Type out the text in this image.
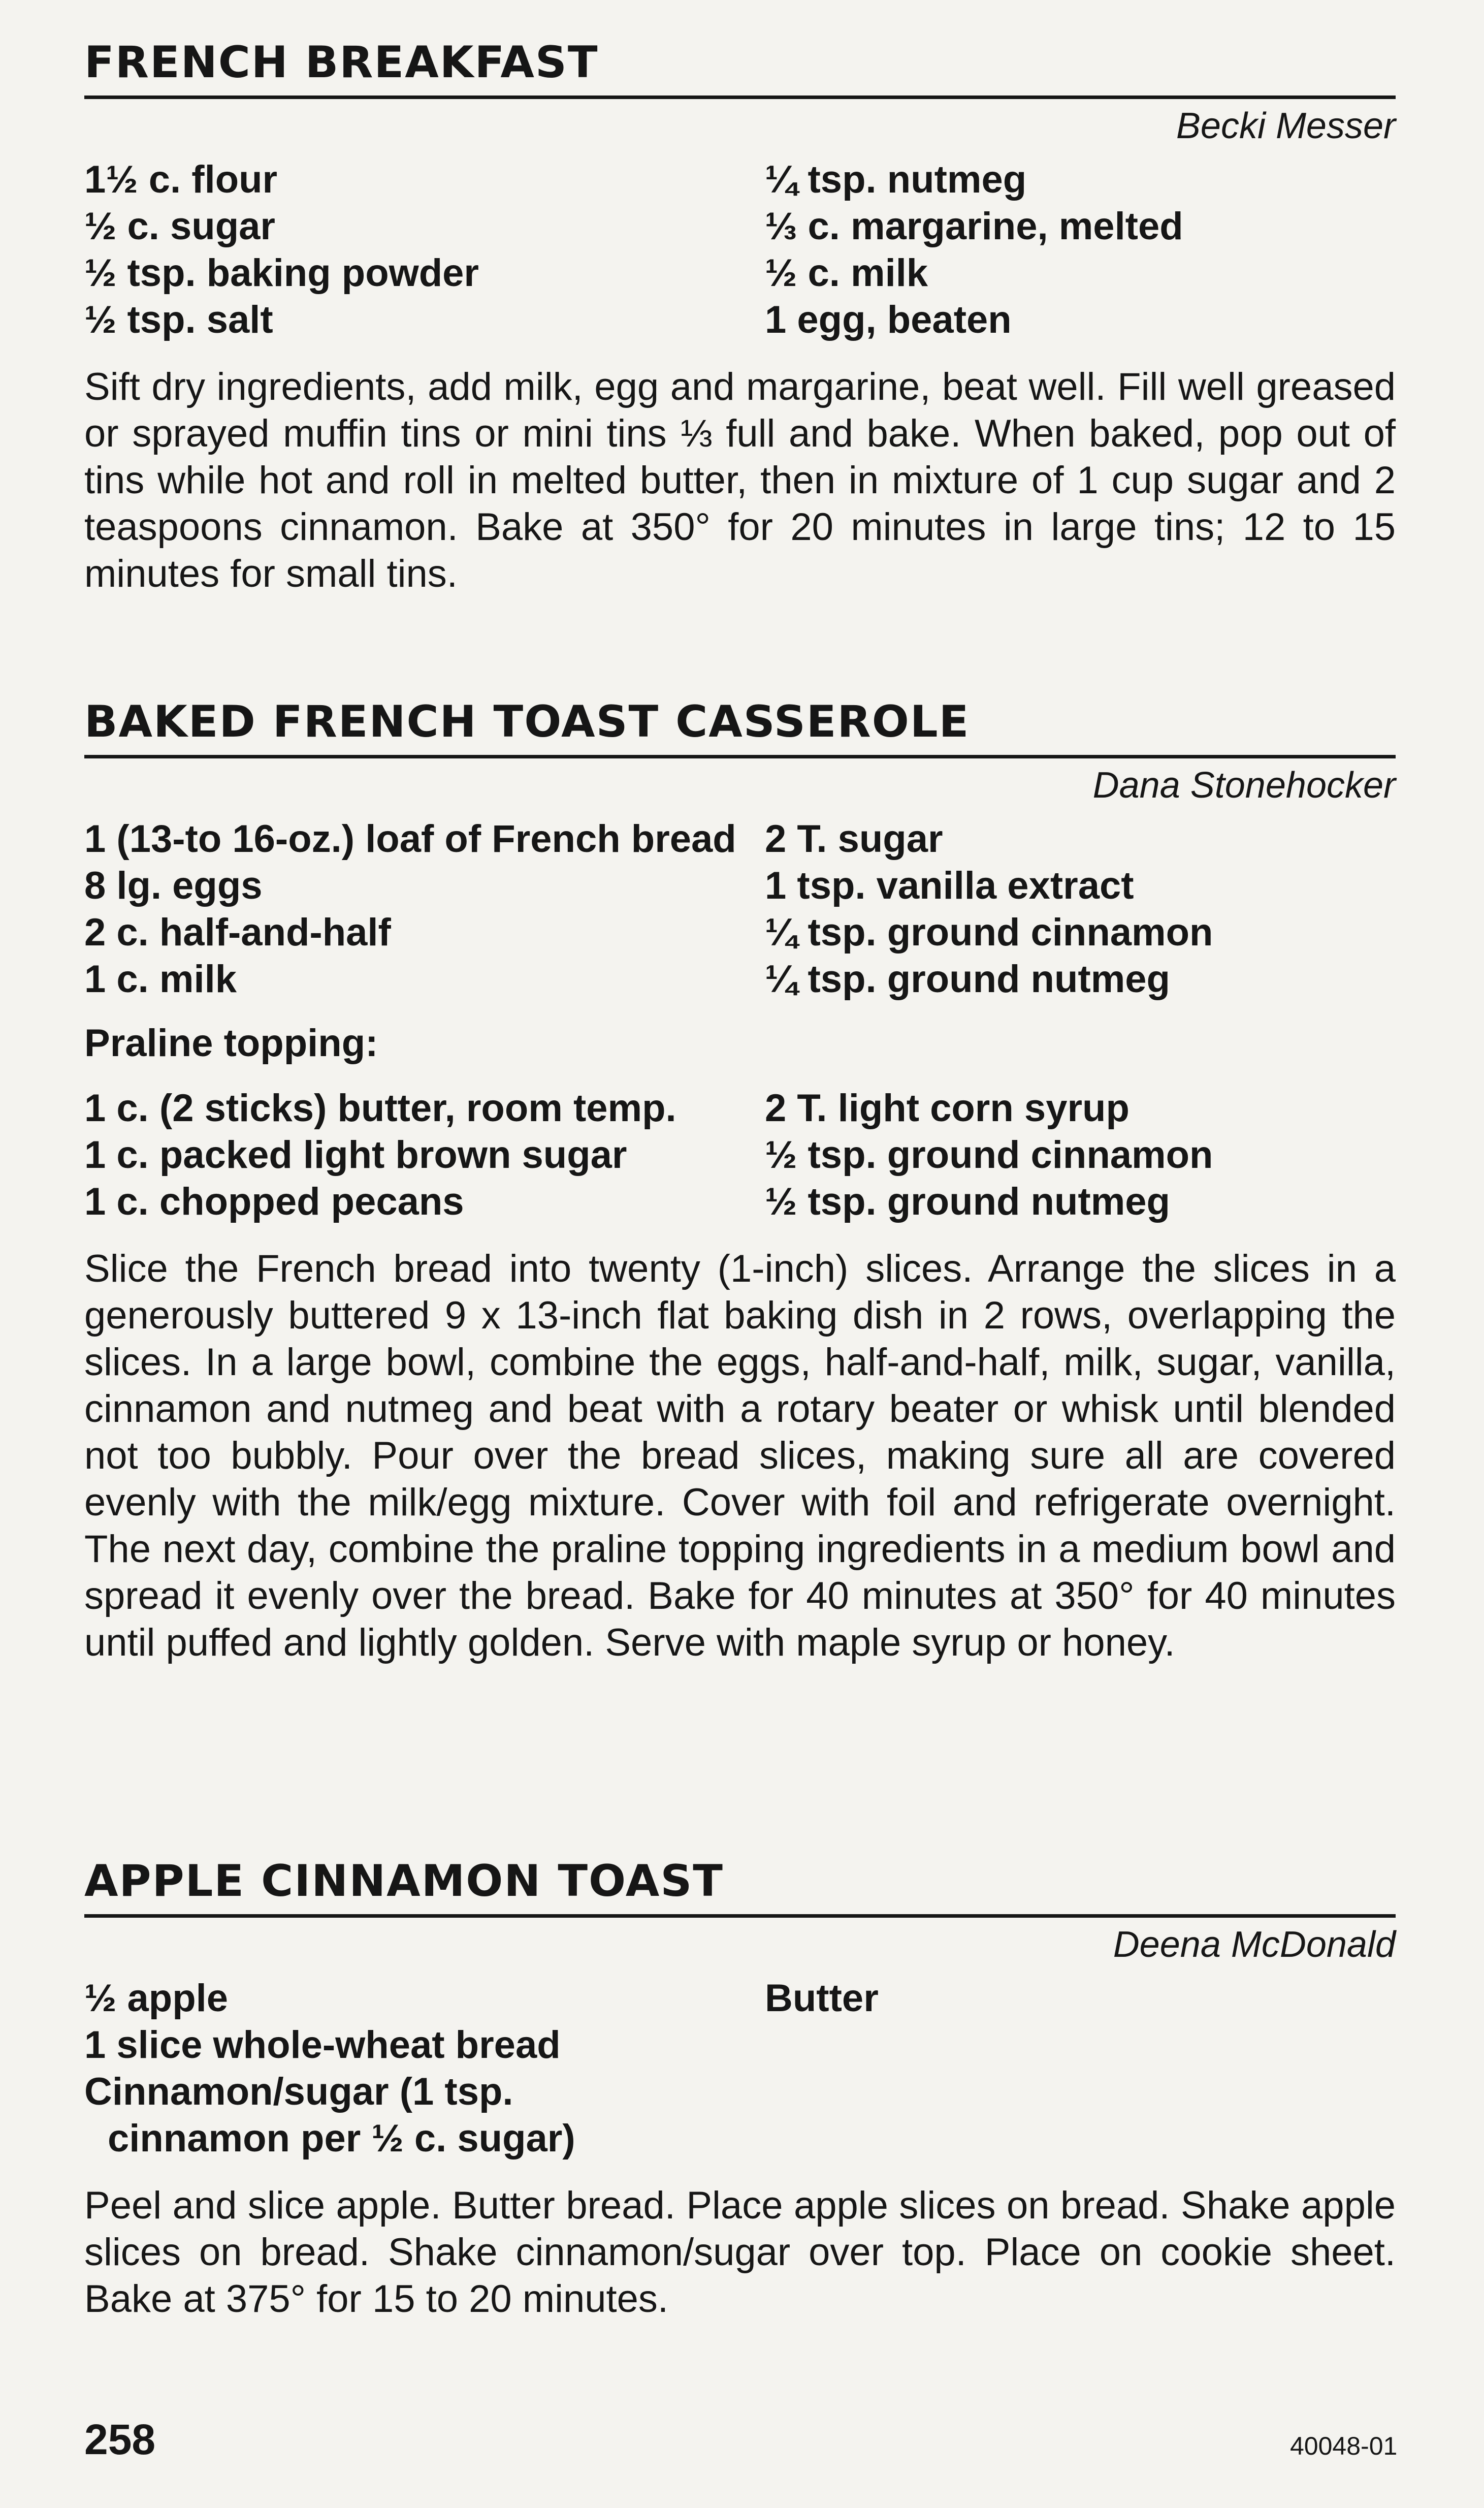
FRENCH BREAKFAST
Becki Messer
1½ c. flour
½ c. sugar
½ tsp. baking powder
½ tsp. salt
¼ tsp. nutmeg
⅓ c. margarine, melted
½ c. milk
1 egg, beaten
Sift dry ingredients, add milk, egg and margarine, beat well. Fill well greased or sprayed muffin tins or mini tins ⅓ full and bake. When baked, pop out of tins while hot and roll in melted butter, then in mixture of 1 cup sugar and 2 teaspoons cinnamon. Bake at 350° for 20 minutes in large tins; 12 to 15 minutes for small tins.
BAKED FRENCH TOAST CASSEROLE
Dana Stonehocker
1 (13-to 16-oz.) loaf of French bread
8 lg. eggs
2 c. half-and-half
1 c. milk
2 T. sugar
1 tsp. vanilla extract
¼ tsp. ground cinnamon
¼ tsp. ground nutmeg
Praline topping:
1 c. (2 sticks) butter, room temp.
1 c. packed light brown sugar
1 c. chopped pecans
2 T. light corn syrup
½ tsp. ground cinnamon
½ tsp. ground nutmeg
Slice the French bread into twenty (1-inch) slices. Arrange the slices in a generously buttered 9 x 13-inch flat baking dish in 2 rows, overlapping the slices. In a large bowl, combine the eggs, half-and-half, milk, sugar, vanilla, cinnamon and nutmeg and beat with a rotary beater or whisk until blended not too bubbly. Pour over the bread slices, making sure all are covered evenly with the milk/egg mixture. Cover with foil and refrigerate overnight. The next day, combine the praline topping ingredients in a medium bowl and spread it evenly over the bread. Bake for 40 minutes at 350° for 40 minutes until puffed and lightly golden. Serve with maple syrup or honey.
APPLE CINNAMON TOAST
Deena McDonald
½ apple
1 slice whole-wheat bread
Cinnamon/sugar (1 tsp. cinnamon per ½ c. sugar)
Butter
Peel and slice apple. Butter bread. Place apple slices on bread. Shake apple slices on bread. Shake cinnamon/sugar over top. Place on cookie sheet. Bake at 375° for 15 to 20 minutes.
258	40048-01
